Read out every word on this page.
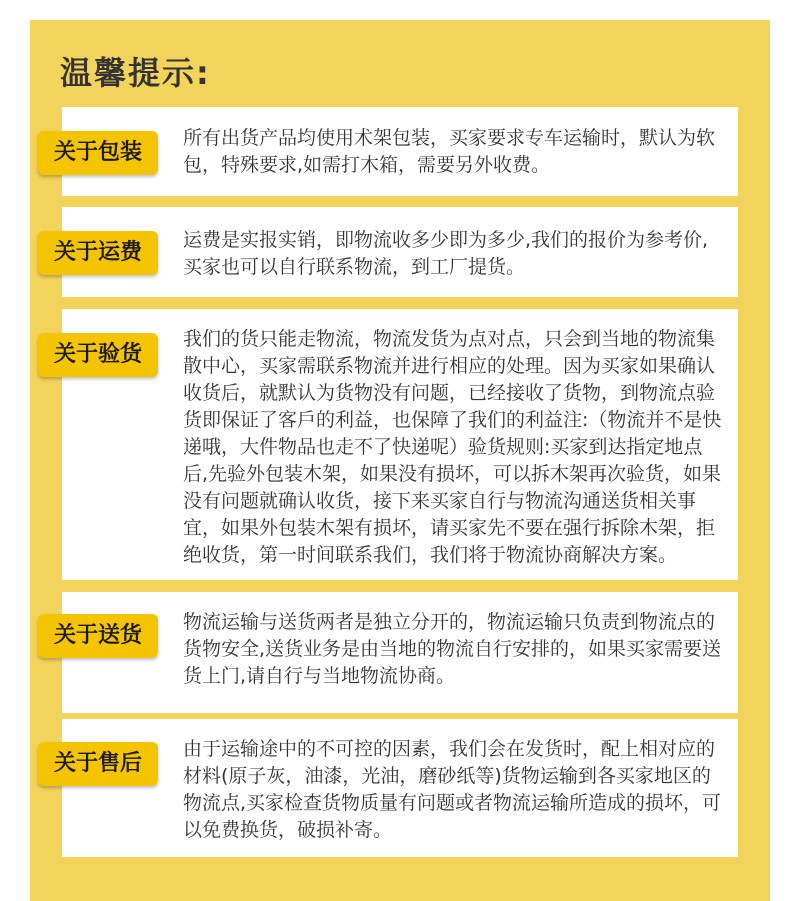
温馨提示:
关于包装
所有出货产品均使用术架包装，买家要求专车运输时，默认为软包，特殊要求,如需打木箱，需要另外收费。
关于运费	运费是实报实销，即物流收多少即为多少,我们的报价为参考价,买家也可以自行联系物流，到工厂提货。
关于验货
我们的货只能走物流，物流发货为点对点，只会到当地的物流集散中心，买家需联系物流并进行相应的处理。因为买家如果确认收货后，就默认为货物没有问题，已经接收了货物，到物流点验货即保证了客戶的利益，也保障了我们的利益注:（物流并不是快递哦，大件物品也走不了快递呢）验货规则:买家到达指定地点后,先验外包装木架，如果没有损坏，可以拆木架再次验货，如果没有问题就确认收货，接下来买家自行与物流沟通送货相关事宜，如果外包装木架有损坏，请买家先不要在强行拆除木架，拒绝收货，第一时间联系我们，我们将于物流协商解决方案。
关于送货
物流运输与送货两者是独立分开的，物流运输只负责到物流点的货物安全,送货业务是由当地的物流自行安排的，如果买家需要送货上门,请自行与当地物流协商。
关于售后
由于运输途中的不可控的因素，我们会在发货时，配上相对应的材料(原子灰，油漆，光油，磨砂纸等)货物运输到各买家地区的物流点,买家检查货物质量有问题或者物流运输所造成的损坏，可以免费换货，破损补寄。
